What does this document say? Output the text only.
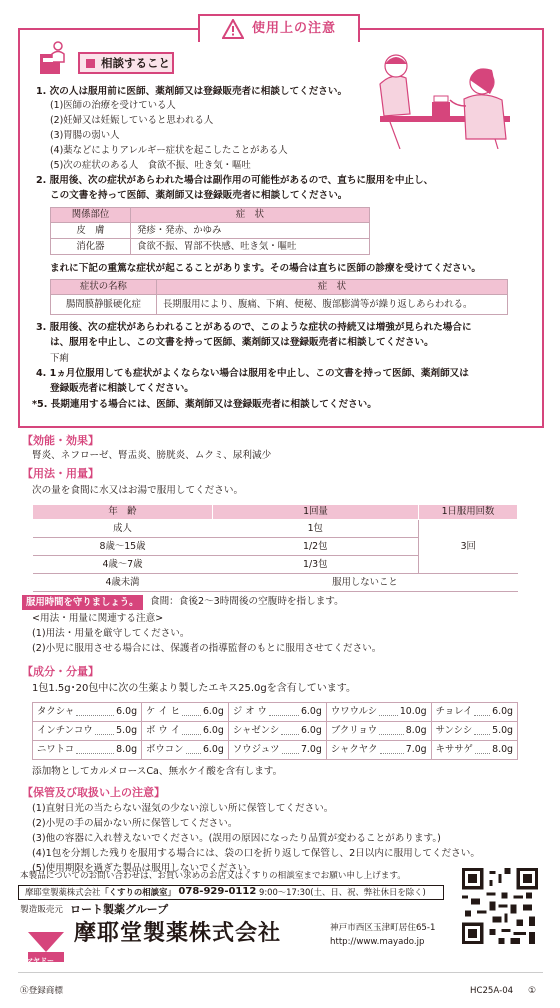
使用上の注意
相談すること
1. 次の人は服用前に医師、薬剤師又は登録販売者に相談してください。
(1)医師の治療を受けている人
(2)妊婦又は妊娠していると思われる人
(3)胃腸の弱い人
(4)薬などによりアレルギー症状を起こしたことがある人
(5)次の症状のある人　食欲不振、吐き気・嘔吐
2. 服用後、次の症状があらわれた場合は副作用の可能性があるので、直ちに服用を中止し、
この文書を持って医師、薬剤師又は登録販売者に相談してください。
関係部位	症　状
皮　膚	発疹・発赤、かゆみ
消化器	食欲不振、胃部不快感、吐き気・嘔吐
まれに下記の重篤な症状が起こることがあります。その場合は直ちに医師の診療を受けてください。
症状の名称	症　状
腸間膜静脈硬化症	長期服用により、腹痛、下痢、便秘、腹部膨満等が繰り返しあらわれる。
3. 服用後、次の症状があらわれることがあるので、このような症状の持続又は増強が見られた場合に
は、服用を中止し、この文書を持って医師、薬剤師又は登録販売者に相談してください。
下痢
4. 1ヵ月位服用しても症状がよくならない場合は服用を中止し、この文書を持って医師、薬剤師又は
登録販売者に相談してください。
*5. 長期連用する場合には、医師、薬剤師又は登録販売者に相談してください。
【効能・効果】
腎炎、ネフローゼ、腎盂炎、膀胱炎、ムクミ、尿利減少
【用法・用量】
次の量を食間に水又はお湯で服用してください。
年　齢	1回量	1日服用回数
成人	1包	3回
8歳～15歳	1/2包	
4歳～7歳	1/3包	
4歳未満	服用しないこと	
服用時間を守りましょう。	食間：食後2～3時間後の空腹時を指します。
<用法・用量に関連する注意>
(1)用法・用量を厳守してください。
(2)小児に服用させる場合には、保護者の指導監督のもとに服用させてください。
【成分・分量】
1包1.5g･20包中に次の生薬より製したエキス25.0gを含有しています。
タクシャ 6.0g	ケ イ ヒ 6.0g	ジ オ ウ 6.0g	ウワウルシ 10.0g	チョレイ 6.0g

インチンコウ 5.0g	ボ ウ イ 6.0g	シャゼンシ 6.0g	ブクリョウ 8.0g	サンシシ 5.0g

ニワトコ 8.0g	ボウコン 6.0g	ソウジュツ 7.0g	シャクヤク 7.0g	キササゲ 8.0g
添加物としてカルメロースCa、無水ケイ酸を含有します。
【保管及び取扱い上の注意】
(1)直射日光の当たらない湿気の少ない涼しい所に保管してください。
(2)小児の手の届かない所に保管してください。
(3)他の容器に入れ替えないでください。(誤用の原因になったり品質が変わることがあります。)
(4)1包を分割した残りを服用する場合には、袋の口を折り返して保管し、2日以内に服用してください。
(5)使用期限を過ぎた製品は服用しないでください。
本製品についてのお問い合わせは、お買い求めのお店又はくすりの相談室までお願い申し上げます。
摩耶堂製薬株式会社 「くすりの相談室」
078-929-0112
9:00～17:30(土、日、祝、弊社休日を除く)
製造販売元 ロート製薬グループ
マヤドー
摩耶堂製薬株式会社	神戸市西区玉津町居住65-1
http://www.mayado.jp
Ⓡ登録商標	HC25A-04 ①
